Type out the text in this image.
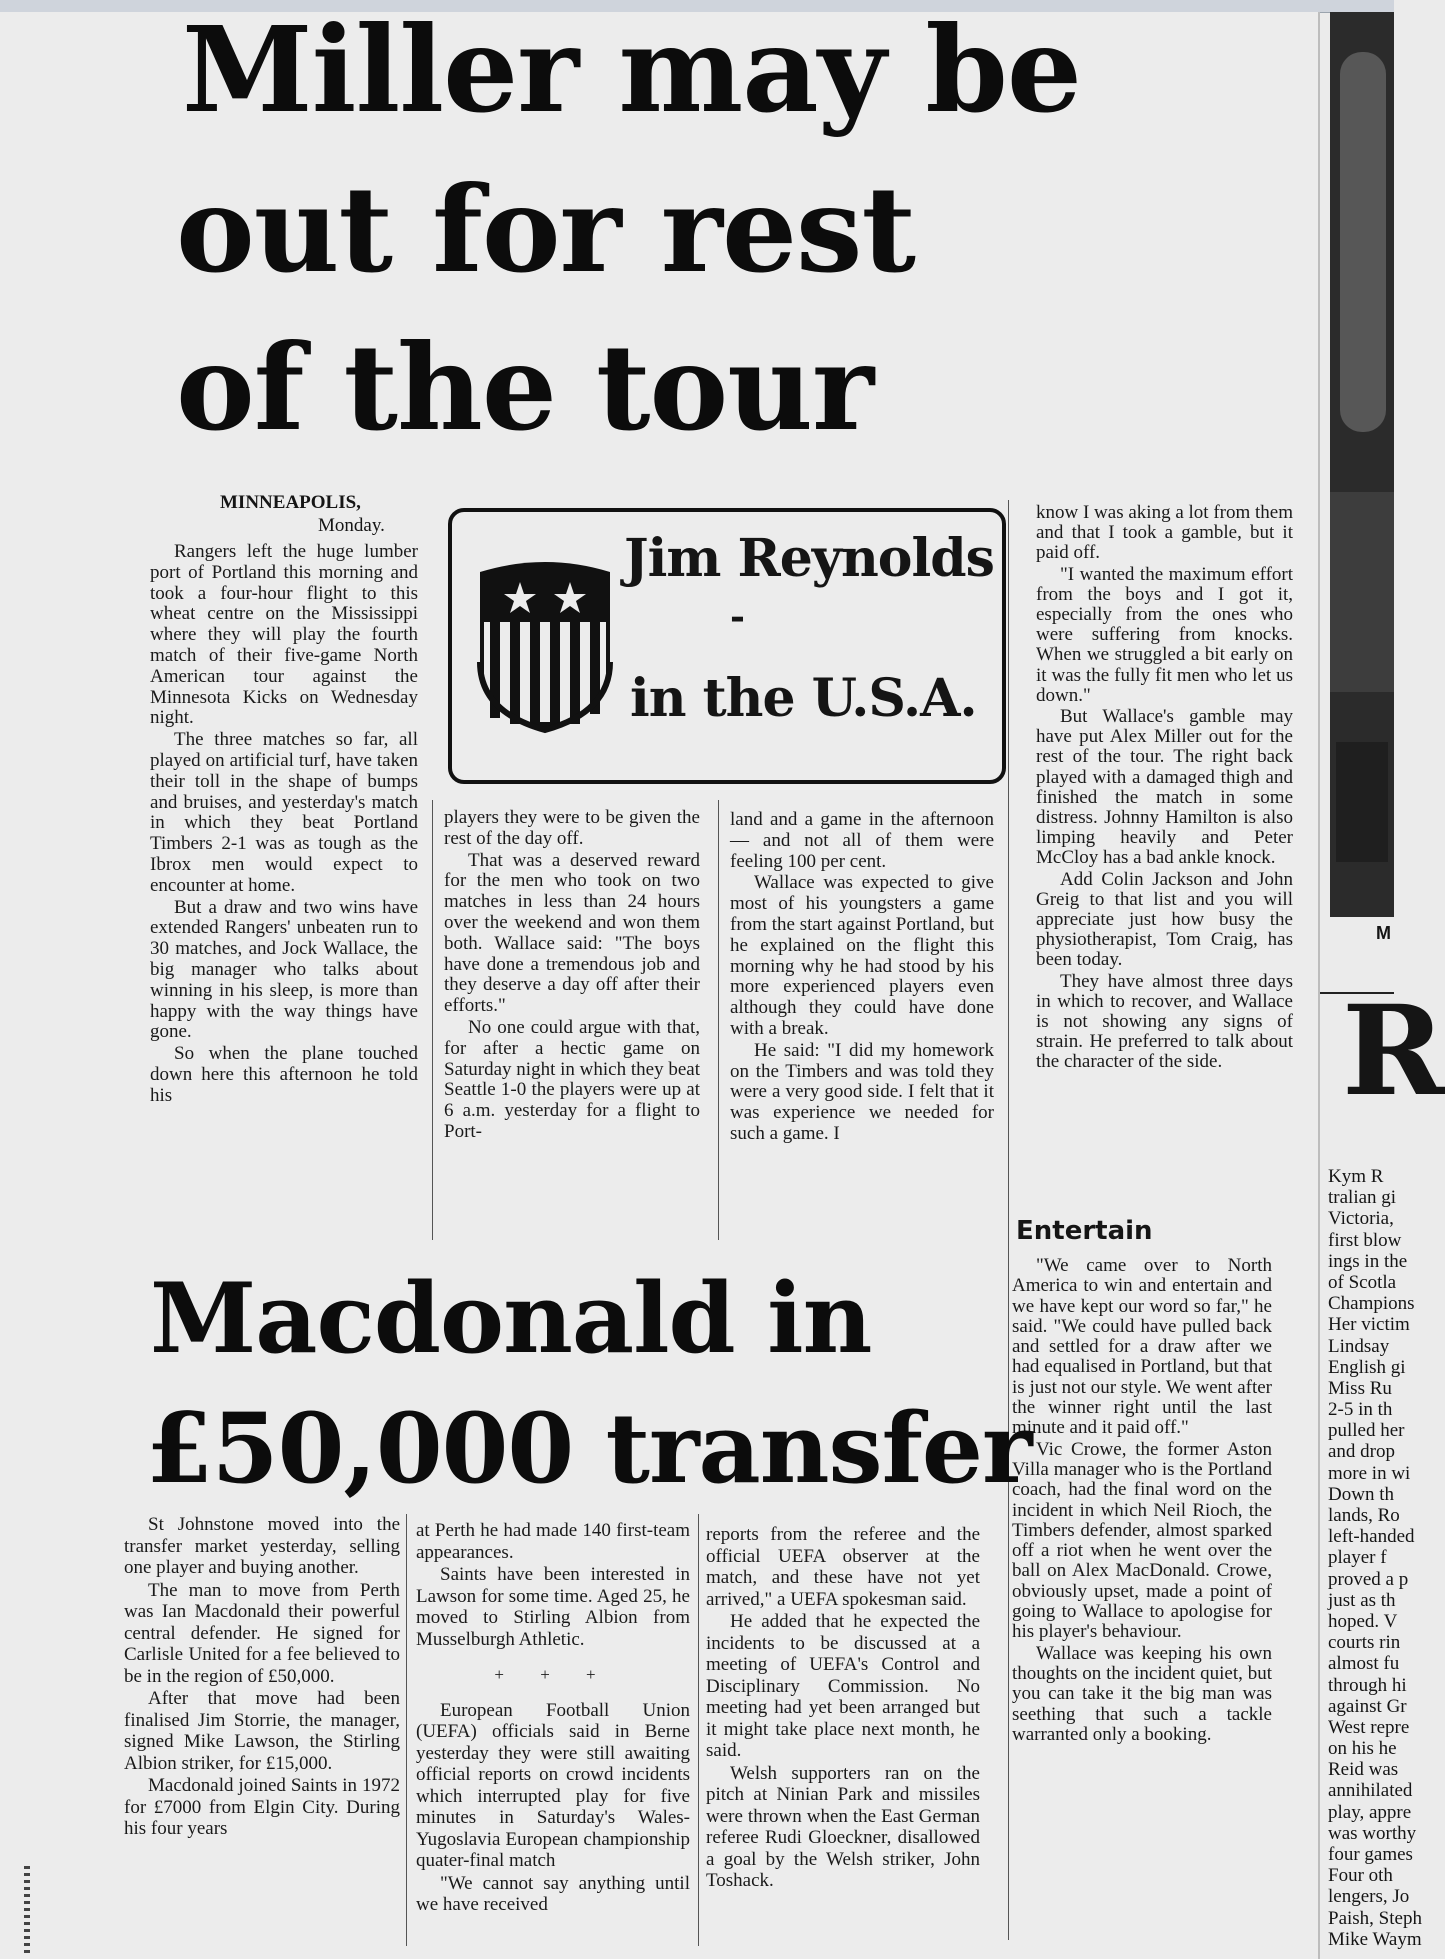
Miller may be
out for rest
of the tour
MINNEAPOLIS,
Monday.
Jim Reynolds
-
in the U.S.A.

Rangers left the huge lumber port of Portland this morning and took a four-hour flight to this wheat centre on the Mississippi where they will play the fourth match of their five-game North American tour against the Minnesota Kicks on Wednesday night.

The three matches so far, all played on artificial turf, have taken their toll in the shape of bumps and bruises, and yesterday's match in which they beat Portland Timbers 2-1 was as tough as the Ibrox men would expect to encounter at home.

But a draw and two wins have extended Rangers' unbeaten run to 30 matches, and Jock Wallace, the big manager who talks about winning in his sleep, is more than happy with the way things have gone.

So when the plane touched down here this afternoon he told his

players they were to be given the rest of the day off.

That was a deserved reward for the men who took on two matches in less than 24 hours over the weekend and won them both. Wallace said: "The boys have done a tremendous job and they deserve a day off after their efforts."

No one could argue with that, for after a hectic game on Saturday night in which they beat Seattle 1-0 the players were up at 6 a.m. yesterday for a flight to Port-

land and a game in the afternoon — and not all of them were feeling 100 per cent.

Wallace was expected to give most of his youngsters a game from the start against Portland, but he explained on the flight this morning why he had stood by his more experienced players even although they could have done with a break.

He said: "I did my homework on the Timbers and was told they were a very good side. I felt that it was experience we needed for such a game. I

know I was aking a lot from them and that I took a gamble, but it paid off.

"I wanted the maximum effort from the boys and I got it, especially from the ones who were suffering from knocks. When we struggled a bit early on it was the fully fit men who let us down."

But Wallace's gamble may have put Alex Miller out for the rest of the tour. The right back played with a damaged thigh and finished the match in some distress. Johnny Hamilton is also limping heavily and Peter McCloy has a bad ankle knock.

Add Colin Jackson and John Greig to that list and you will appreciate just how busy the physiotherapist, Tom Craig, has been today.

They have almost three days in which to recover, and Wallace is not showing any signs of strain. He preferred to talk about the character of the side.

Entertain

"We came over to North America to win and entertain and we have kept our word so far," he said. "We could have pulled back and settled for a draw after we had equalised in Portland, but that is just not our style. We went after the winner right until the last minute and it paid off."

Vic Crowe, the former Aston Villa manager who is the Portland coach, had the final word on the incident in which Neil Rioch, the Timbers defender, almost sparked off a riot when he went over the ball on Alex MacDonald. Crowe, obviously upset, made a point of going to Wallace to apologise for his player's behaviour.

Wallace was keeping his own thoughts on the incident quiet, but you can take it the big man was seething that such a tackle warranted only a booking.

Macdonald in
£50,000 transfer

St Johnstone moved into the transfer market yesterday, selling one player and buying another.

The man to move from Perth was Ian Macdonald their powerful central defender. He signed for Carlisle United for a fee believed to be in the region of £50,000.

After that move had been finalised Jim Storrie, the manager, signed Mike Lawson, the Stirling Albion striker, for £15,000.

Macdonald joined Saints in 1972 for £7000 from Elgin City. During his four years

at Perth he had made 140 first-team appearances.

Saints have been interested in Lawson for some time. Aged 25, he moved to Stirling Albion from Musselburgh Athletic.

+ + +

European Football Union (UEFA) officials said in Berne yesterday they were still awaiting official reports on crowd incidents which interrupted play for five minutes in Saturday's Wales-Yugoslavia European championship quater-final match

"We cannot say anything until we have received

reports from the referee and the official UEFA observer at the match, and these have not yet arrived," a UEFA spokesman said.

He added that he expected the incidents to be discussed at a meeting of UEFA's Control and Disciplinary Commission. No meeting had yet been arranged but it might take place next month, he said.

Welsh supporters ran on the pitch at Ninian Park and missiles were thrown when the East German referee Rudi Gloeckner, disallowed a goal by the Welsh striker, John Toshack.

M
R
Kym R
tralian gi
Victoria,
first blow
ings in the
of Scotla
Champions
Her victim
Lindsay
English gi
Miss Ru
2-5 in th
pulled her
and drop
more in wi
Down th
lands, Ro
left-handed
player f
proved a p
just as th
hoped. V
courts rin
almost fu
through hi
against Gr
West repre
on his he
Reid was
annihilated
play, appre
was worthy
four games
Four oth
lengers, Jo
Paish, Steph
Mike Waym
